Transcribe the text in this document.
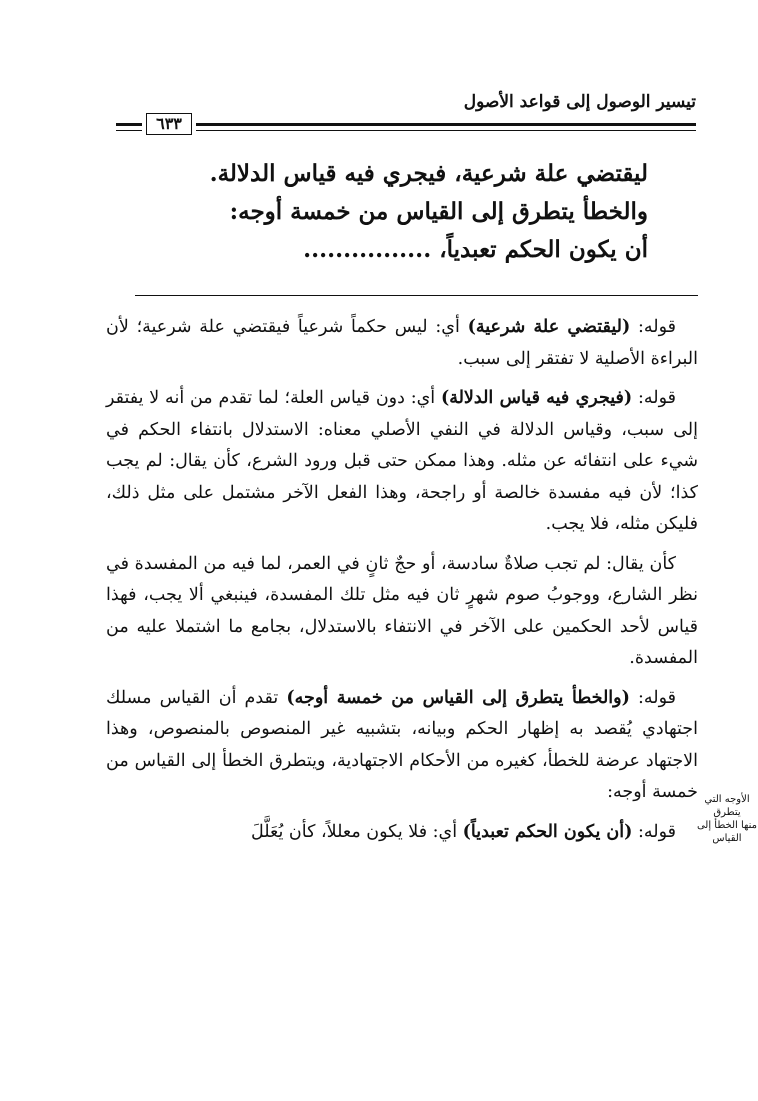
تيسير الوصول إلى قواعد الأصول
٦٣٣
ليقتضي علة شرعية، فيجري فيه قياس الدلالة.
والخطأ يتطرق إلى القياس من خمسة أوجه:
أن يكون الحكم تعبدياً، ................

قوله: (ليقتضي علة شرعية) أي: ليس حكماً شرعياً فيقتضي علة شرعية؛ لأن البراءة الأصلية لا تفتقر إلى سبب.

قوله: (فيجري فيه قياس الدلالة) أي: دون قياس العلة؛ لما تقدم من أنه لا يفتقر إلى سبب، وقياس الدلالة في النفي الأصلي معناه: الاستدلال بانتفاء الحكم في شيء على انتفائه عن مثله. وهذا ممكن حتى قبل ورود الشرع، كأن يقال: لم يجب كذا؛ لأن فيه مفسدة خالصة أو راجحة، وهذا الفعل الآخر مشتمل على مثل ذلك، فليكن مثله، فلا يجب.

كأن يقال: لم تجب صلاةٌ سادسة، أو حجٌ ثانٍ في العمر، لما فيه من المفسدة في نظر الشارع، ووجوبُ صوم شهرٍ ثان فيه مثل تلك المفسدة، فينبغي ألا يجب، فهذا قياس لأحد الحكمين على الآخر في الانتفاء بالاستدلال، بجامع ما اشتملا عليه من المفسدة.

قوله: (والخطأ يتطرق إلى القياس من خمسة أوجه) تقدم أن القياس مسلك اجتهادي يُقصد به إظهار الحكم وبيانه، بتشبيه غير المنصوص بالمنصوص، وهذا الاجتهاد عرضة للخطأ، كغيره من الأحكام الاجتهادية، ويتطرق الخطأ إلى القياس من خمسة أوجه:

قوله: (أن يكون الحكم تعبدياً) أي: فلا يكون معللاً، كأن يُعَلَّلَ

الأوجه التي يتطرق
منها الخطأ إلى
القياس
